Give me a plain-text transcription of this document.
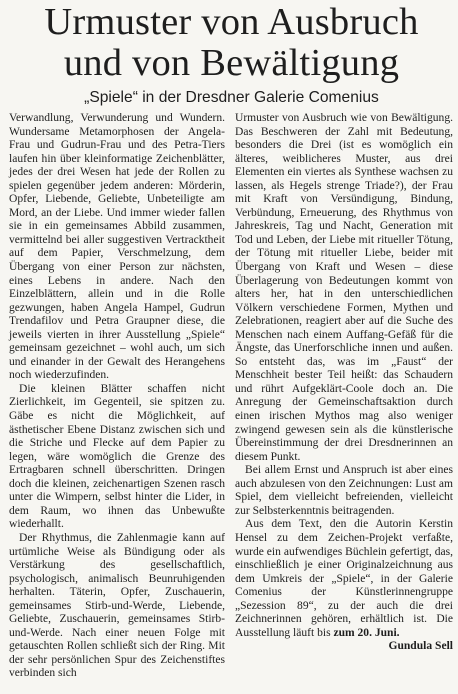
Urmuster von Ausbruch
und von Bewältigung
„Spiele“ in der Dresdner Galerie Comenius

Verwandlung, Verwunderung und Wundern. Wundersame Metamorphosen der Angela-Frau und Gudrun-Frau und des Petra-Tiers laufen hin über kleinformatige Zeichenblätter, jedes der drei Wesen hat jede der Rollen zu spielen gegenüber jedem anderen: Mörderin, Opfer, Liebende, Geliebte, Unbeteiligte am Mord, an der Liebe. Und immer wieder fallen sie in ein gemeinsames Abbild zusammen, vermittelnd bei aller suggestiven Vertracktheit auf dem Papier, Verschmelzung, dem Übergang von einer Person zur nächsten, eines Lebens in andere. Nach den Einzelblättern, allein und in die Rolle gezwungen, haben Angela Hampel, Gudrun Trendafilov und Petra Graupner diese, die jeweils vierten in ihrer Ausstellung „Spiele“ gemeinsam gezeichnet – wohl auch, um sich und einander in der Gewalt des Herangehens noch wiederzufinden.

Die kleinen Blätter schaffen nicht Zierlichkeit, im Gegenteil, sie spitzen zu. Gäbe es nicht die Möglichkeit, auf ästhetischer Ebene Distanz zwischen sich und die Striche und Flecke auf dem Papier zu legen, wäre womöglich die Grenze des Ertragbaren schnell überschritten. Dringen doch die kleinen, zeichenartigen Szenen rasch unter die Wimpern, selbst hinter die Lider, in dem Raum, wo ihnen das Unbewußte wiederhallt.

Der Rhythmus, die Zahlenmagie kann auf urtümliche Weise als Bündigung oder als Verstärkung des gesellschaftlich, psychologisch, animalisch Beunruhigenden herhalten. Täterin, Opfer, Zuschauerin, gemeinsames Stirb-und-Werde, Liebende, Geliebte, Zuschauerin, gemeinsames Stirb-und-Werde. Nach einer neuen Folge mit getauschten Rollen schließt sich der Ring. Mit der sehr persönlichen Spur des Zeichenstiftes verbinden sich

Urmuster von Ausbruch wie von Bewältigung. Das Beschweren der Zahl mit Bedeutung, besonders die Drei (ist es womöglich ein älteres, weiblicheres Muster, aus drei Elementen ein viertes als Synthese wachsen zu lassen, als Hegels strenge Triade?), der Frau mit Kraft von Versündigung, Bindung, Verbündung, Erneuerung, des Rhythmus von Jahreskreis, Tag und Nacht, Generation mit Tod und Leben, der Liebe mit ritueller Tötung, der Tötung mit ritueller Liebe, beider mit Übergang von Kraft und Wesen – diese Überlagerung von Bedeutungen kommt von alters her, hat in den unterschiedlichen Völkern verschiedene Formen, Mythen und Zelebrationen, reagiert aber auf die Suche des Menschen nach einem Auffang-Gefäß für die Ängste, das Unerforschliche innen und außen. So entsteht das, was im „Faust“ der Menschheit bester Teil heißt: das Schaudern und rührt Aufgeklärt-Coole doch an. Die Anregung der Gemeinschaftsaktion durch einen irischen Mythos mag also weniger zwingend gewesen sein als die künstlerische Übereinstimmung der drei Dresdnerinnen an diesem Punkt.

Bei allem Ernst und Anspruch ist aber eines auch abzulesen von den Zeichnungen: Lust am Spiel, dem vielleicht befreienden, vielleicht zur Selbsterkenntnis beitragenden.

Aus dem Text, den die Autorin Kerstin Hensel zu dem Zeichen-Projekt verfaßte, wurde ein aufwendiges Büchlein gefertigt, das, einschließlich je einer Originalzeichnung aus dem Umkreis der „Spiele“, in der Galerie Comenius der Künstlerinnengruppe „Sezession 89“, zu der auch die drei Zeichnerinnen gehören, erhältlich ist. Die Ausstellung läuft bis zum 20. Juni.
Gundula Sell
